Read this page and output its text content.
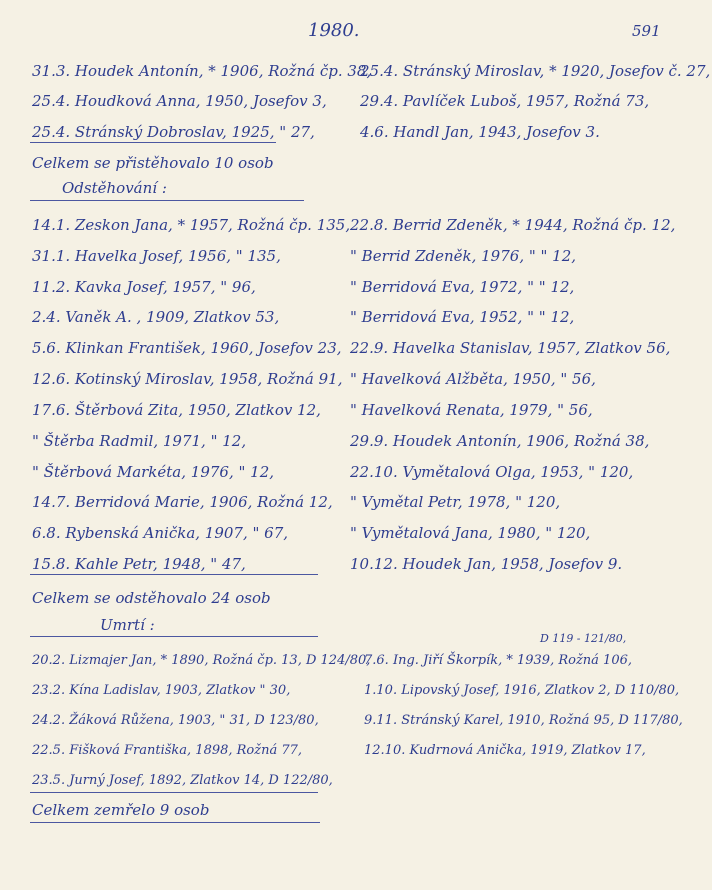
1980.	591
31.3. Houdek Antonín, * 1906, Rožná čp. 38,
25.4. Houdková Anna, 1950, Josefov 3,
25.4. Stránský Dobroslav, 1925, " 27,
25.4. Stránský Miroslav, * 1920, Josefov č. 27,
29.4. Pavlíček Luboš, 1957, Rožná 73,
4.6. Handl Jan, 1943, Josefov 3.
Celkem se přistěhovalo 10 osob
Odstěhování :
14.1. Zeskon Jana, * 1957, Rožná čp. 135,
31.1. Havelka Josef, 1956, " 135,
11.2. Kavka Josef, 1957, " 96,
2.4. Vaněk A. , 1909, Zlatkov 53,
5.6. Klinkan František, 1960, Josefov 23,
12.6. Kotinský Miroslav, 1958, Rožná 91,
17.6. Štěrbová Zita, 1950, Zlatkov 12,
" Štěrba Radmil, 1971, " 12,
" Štěrbová Markéta, 1976, " 12,
14.7. Berridová Marie, 1906, Rožná 12,
6.8. Rybenská Anička, 1907, " 67,
15.8. Kahle Petr, 1948, " 47,
22.8. Berrid Zdeněk, * 1944, Rožná čp. 12,
" Berrid Zdeněk, 1976, " " 12,
" Berridová Eva, 1972, " " 12,
" Berridová Eva, 1952, " " 12,
22.9. Havelka Stanislav, 1957, Zlatkov 56,
" Havelková Alžběta, 1950, " 56,
" Havelková Renata, 1979, " 56,
29.9. Houdek Antonín, 1906, Rožná 38,
22.10. Vymětalová Olga, 1953, " 120,
" Vymětal Petr, 1978, " 120,
" Vymětalová Jana, 1980, " 120,
10.12. Houdek Jan, 1958, Josefov 9.
Celkem se odstěhovalo 24 osob
Umrtí :
D 119 - 121/80,
20.2. Lizmajer Jan, * 1890, Rožná čp. 13, D 124/80,
23.2. Kína Ladislav, 1903, Zlatkov " 30,
24.2. Žáková Růžena, 1903, " 31, D 123/80,
22.5. Fišková Františka, 1898, Rožná 77,
23.5. Jurný Josef, 1892, Zlatkov 14, D 122/80,
7.6. Ing. Jiří Škorpík, * 1939, Rožná 106,
1.10. Lipovský Josef, 1916, Zlatkov 2, D 110/80,
9.11. Stránský Karel, 1910, Rožná 95, D 117/80,
12.10. Kudrnová Anička, 1919, Zlatkov 17,
Celkem zemřelo 9 osob
